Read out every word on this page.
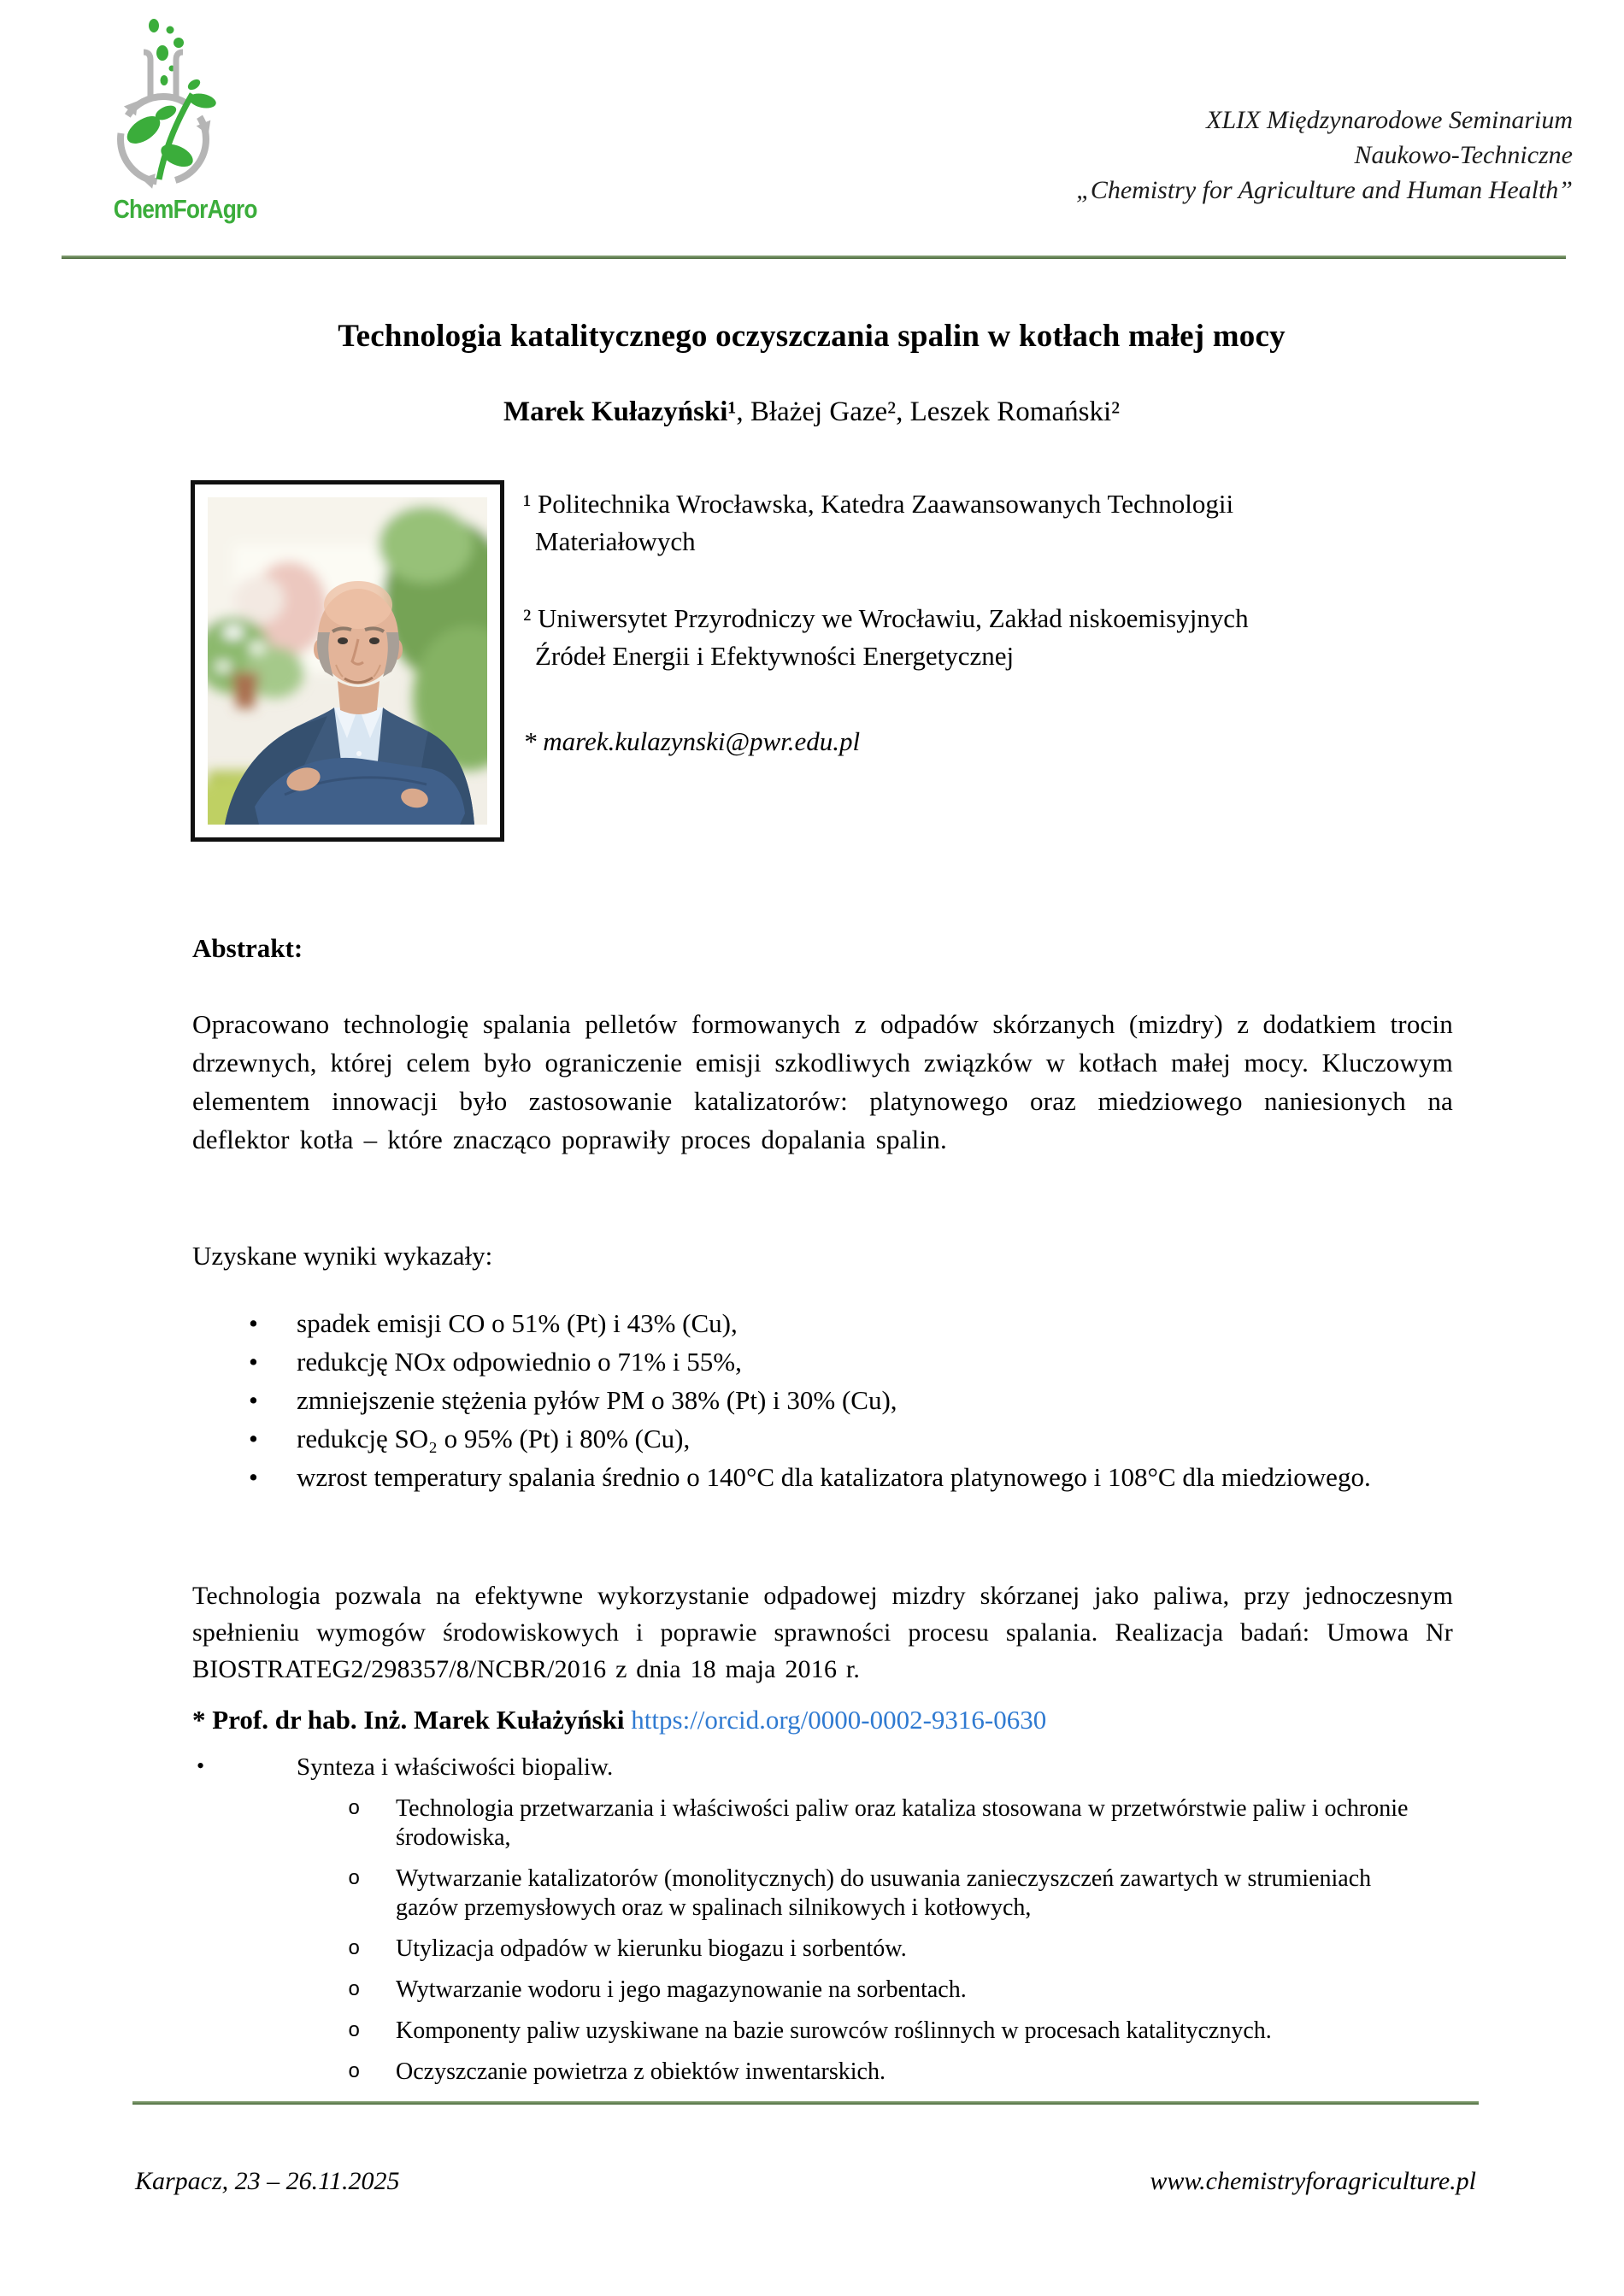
ChemForAgro
XLIX Międzynarodowe Seminarium
Naukowo-Techniczne
„Chemistry for Agriculture and Human Health”
Technologia katalitycznego oczyszczania spalin w kotłach małej mocy
Marek Kułazyński¹, Błażej Gaze², Leszek Romański²
¹ Politechnika Wrocławska, Katedra Zaawansowanych Technologii
Materiałowych
² Uniwersytet Przyrodniczy we Wrocławiu, Zakład niskoemisyjnych
Źródeł Energii i Efektywności Energetycznej
* marek.kulazynski@pwr.edu.pl
Abstrakt:
Opracowano technologię spalania pelletów formowanych z odpadów skórzanych (mizdry) z dodatkiem trocin drzewnych, której celem było ograniczenie emisji szkodliwych związków w kotłach małej mocy. Kluczowym elementem innowacji było zastosowanie katalizatorów: platynowego oraz miedziowego naniesionych na deflektor kotła – które znacząco poprawiły proces dopalania spalin.
Uzyskane wyniki wykazały:
• spadek emisji CO o 51% (Pt) i 43% (Cu),
• redukcję NOx odpowiednio o 71% i 55%,
• zmniejszenie stężenia pyłów PM o 38% (Pt) i 30% (Cu),
• redukcję SO₂ o 95% (Pt) i 80% (Cu),
• wzrost temperatury spalania średnio o 140°C dla katalizatora platynowego i 108°C dla miedziowego.
Technologia pozwala na efektywne wykorzystanie odpadowej mizdry skórzanej jako paliwa, przy jednoczesnym spełnieniu wymogów środowiskowych i poprawie sprawności procesu spalania. Realizacja badań: Umowa Nr BIOSTRATEG2/298357/8/NCBR/2016 z dnia 18 maja 2016 r.
* Prof. dr hab. Inż. Marek Kułażyński https://orcid.org/0000-0002-9316-0630
• Synteza i właściwości biopaliw.
o Technologia przetwarzania i właściwości paliw oraz kataliza stosowana w przetwórstwie paliw i ochronie środowiska,
o Wytwarzanie katalizatorów (monolitycznych) do usuwania zanieczyszczeń zawartych w strumieniach gazów przemysłowych oraz w spalinach silnikowych i kotłowych,
o Utylizacja odpadów w kierunku biogazu i sorbentów.
o Wytwarzanie wodoru i jego magazynowanie na sorbentach.
o Komponenty paliw uzyskiwane na bazie surowców roślinnych w procesach katalitycznych.
o Oczyszczanie powietrza z obiektów inwentarskich.
Karpacz, 23 – 26.11.2025	www.chemistryforagriculture.pl
